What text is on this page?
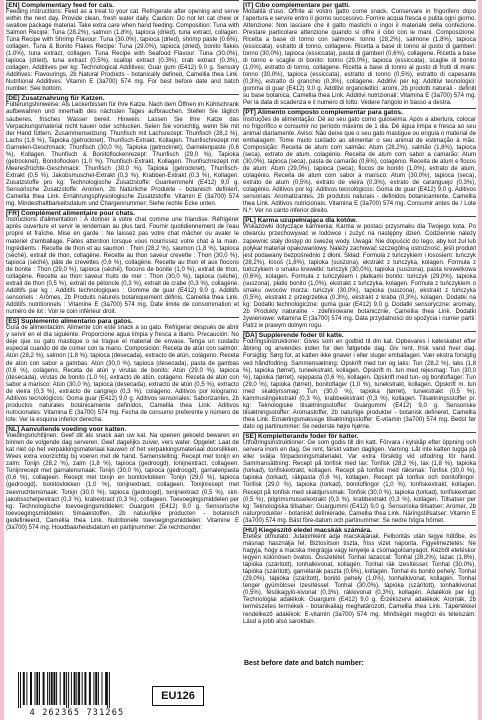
[EN] Complementary feed for cats.
Feeding instructions: Feed as a treat to your cat. Refrigerate after opening and serve within the next day. Provide clean, fresh water daily. Caution: Do not let cat chew or swallow package material. Take extra care when hand feeding. Composition: Tuna with Salmon Recipe: Tuna (28.2%), salmon (1.8%), tapioca (dried), tuna extract, collagen. Tuna Recipe with Shrimp Flavour: Tuna (30.0%), tapioca (dried), shrimp paste (0.6%), collagen. Tuna & Bonito Flakes Recipe: Tuna (29.0%), tapioca (dried), bonito flakes (1.0%), tuna extract, collagen. Tuna Recipe with Seafood Flavour: Tuna (30.0%), tapioca (dried), tuna extract (0.5%), scallop extract (0.3%), crab extract (0.3%), collagen. Additives per kg: Technological Additives: Guar gum (E412) 9.0 g. Sensory Additives: Flavourings, 2b Natural Products - botanically defined, Camellia thea Link. Nutritional Additives: Vitamin E (3a700) 574 mg. For best before date and batch number: See bottom.
[DE] Zusatznahrung für Katzen.
Fütterungshinweise: Als Leckerbissen für Ihre Katze. Nach dem Öffnen im Kühlschrank aufbewahren und innerhalb des nächsten Tages aufbrauchen. Stellen Sie täglich sauberes, frisches Wasser bereit. Hinweis: Lassen Sie Ihre Katze das Verpackungsmaterial nicht kauen oder schlucken. Seien Sie vorsichtig, wenn Sie mit der Hand füttern. Zusammensetzung: Thunfisch mit Lachsrezept: Thunfisch (28,2 %), Lachs (1,8 %), Tapioka (getrocknet), Thunfisch-Extrakt, Kollagen. Thunfischrezept mit Garnelen-Geschmack: Thunfisch (30,0 %), Tapioka (getrocknet), Garnelenpaste (0,6 %), Kollagen. Thunfisch & Bonitoflockenrezept: Thunfisch (29,0 %), Tapioka (getrocknet), Bonitoflocken (1,0 %), Thunfisch-Extrakt, Kollagen. Thunfischrezept mit Meeresfrüchte-Geschmack: Thunfisch (30,0 %), Tapioka (getrocknet), Thunfisch-Extrakt (0,5 %), Jakobsmuschel-Extrakt (0,3 %), Krabben-Extrakt (0,3 %), Kollagen. Zusatzstoffe pro kg: Technologische Zusatzstoffe: Guarkernmehl (E412) 9,0 g. Sensorische Zusatzstoffe: Aromen, 2b Natürliche Produkte - botanisch definiert, Camellia thea Link. Ernährungsphysiologische Zusatzstoffe: Vitamin E (3a700) 574 mg. Mindesthaltbarkeitsdatum und Chargennummer: Siehe rechte Ecke unten.
[FR] Complément alimentaire pour chats.
Instructions d'alimentation : À donner à votre chat comme une friandise. Réfrigérer après ouverture et servir le lendemain au plus tard. Fournir quotidiennement de l'eau propre et fraîche. Mise en garde : Ne laissez pas votre chat mâcher ou avaler le matériel d'emballage. Faites attention lorsque vous nourrissez votre chat à la main. Ingrédients : Recette de thon et au saumon : Thon (28,2 %), saumon (1,8 %), tapioca (séché), extrait de thon, collagène. Recette au thon saveur crevette : Thon (30,0 %), tapioca (séché), pâte de crevettes (0,6 %), collagène. Recette au thon et aux flocons de bonite : Thon (29,0 %), tapioca (séché), flocons de bonite (1,0 %), extrait de thon, collagène. Recette au thon saveur fruits de mer : Thon (30,0 %), tapioca (séché), extrait de thon (0,5 %), extrait de pétoncle (0,3 %), extrait de crabe (0,3 %), collagène. Additifs par kg : Additifs technologiques : Gomme de guar (E412) 9,0 g. Additifs sensoriels : Arômes, 2b Produits naturels botaniquement définis, Camellia thea Link. Additifs nutritionnels : Vitamine E (3a700) 574 mg. Date limite de consommation et numéro de lot : Voir le coin inférieur droit.
[ES] Suplemento alimentario para gatos.
Guía de alimentación: Alimente con este snack a su gato. Refrigerar después de abrir y servir en el día siguiente. Proporcione agua limpia y fresca a diario. Precaución: No deje que su gato mastique o se trague el material de envase. Tenga un cuidado especial cuando dé de comer con la mano. Composición: Receta de atún con salmón: Atún (28,2 %), salmón (1,8 %), tapioca (desecada), extracto de atún, colágeno. Receta de atún con sabor a gambas: Atún (30,0 %), tapioca (desecada), pasta de gambas (0,6 %), colágeno. Receta de atún y virutas de bonito: Atún (29,0 %), tapioca (desecada), virutas de bonito (1,0 %), extracto de atún, colágeno. Receta de atún con sabor a marisco: Atún (30,0 %), tapioca (desecada), extracto de atún (0,5 %), extracto de vieira (0,3 %), extracto de cangrejo (0,3 %), colágeno. Aditivos por kilogramo: Aditivos tecnológicos: Goma guar (E412) 9,0 g. Aditivos sensoriales: Saborizantes, 2b productos naturales botánicamente definidos, Camellia thea Link. Aditivos nutricionales: Vitamina E (3a700) 574 mg. Fecha de consumo preferente y número de lote: Ver la esquina inferior derecha.
[NL] Aanvullende voeding voor katten.
Voedingsrichtlijnen: Geef dit als snack aan uw kat. Na openen gekoeld bewaren en binnen de volgende dag serveren. Geef dagelijks zuiver, vers water. Opgelet: Laat de kat niet op het verpakkingsmateriaal kauwen of het verpakkingsmateriaal doorslikken. Wees extra voorzichtig bij voeren met de hand. Samenstelling: Recept met tonijn en zalm: Tonijn (28,2 %), zalm (1,8 %), tapioca (gedroogd), tonijnextract, collageen. Tonijnrecept met garnalensmaak: Tonijn (30,0 %), tapioca (gedroogd), garnalenpasta (0,6 %), collageen. Recept met tonijn en bonitovlokken: Tonijn (29,0 %), tapioca (gedroogd), bonitovlokken (1,0 %), tonijnextract, collageen. Tonijnrecept met zeevruchtensmaak: Tonijn (30,0 %), tapioca (gedroogd), tonijnextract (0,5 %), sint-jakobsschelpextract (0,3 %), krabextract (0,3 %), collageen. Toevoegingsmiddelen per kg: Technologische toevoegingsmiddelen: Guargom (E412) 9,0 g. Sensorische toevoegingsmiddelen: Smaakstoffen, 2b natuurlijke producten - botanisch gedefinieerd, Camellia thea Link. Nutritionele toevoegingsmiddelen: Vitamine E (3a700) 574 mg. Houdbaarheidsdatum en partijnummer: Zie rechtsonder.
[IT] Cibo complementare per gatti.
Modalità d'uso: Offrite al vostro gatto come snack. Conservare in frigorifero dopo l'apertura e servire entro il giorno successivo. Fornire acqua fresca e pulita ogni giorno. Attenzione: Non lasciare che il gatto mastichi o ingoi il materiale della confezione. Prestare particolare attenzione quando si offre il cibo con le mani. Composizione: Ricetta a base di tonno con salmone: tonno (28,2%), salmone (1,8%), tapioca (essiccata), estratto di tonno, collagene. Ricetta a base di tonno al gusto di gamberi: tonno (30,0%), tapioca (essiccata), pasta di gamberi (0,6%), collagene. Ricetta a base di tonno e scaglie di bonito: tonno (29,0%), tapioca (essiccata), scaglie di bonito (1,0%), estratto di tonno, collagene. Ricetta a base di tonno al gusto di frutti di mare: tonno (30,0%), tapioca (essiccata), estratto di tonno (0,5%), estratto di capesante (0,3%), estratto di granchio (0,3%), collagene. Additivi per kg: Additivi tecnologici: gomma di guar (E412) 9,0 g. Additivi organolettici: aromi, 2b prodotti naturali - definiti su base botanica, Camellia thea Link. Additivi nutrizionali: Vitamina E (3a700) 574 mg. Per la data di scadenza e il numero di lotto: Vedere l'angolo in basso a destra.
[PT] Alimento composto complementar para gatos.
Instruções de alimentação: Dê ao seu gato como guloseima. Após a abertura, colocar no frigorífico e consumir no período máximo de 1 dia. Dê água limpa e fresca ao seu animal diariamente. Aviso: Não deixe que o seu gato mastigue ou engula o material de embalagem. Tome muito cuidado ao alimentar o seu animal de estimação à mão. Composição: Receita de atum com salmão: Atum (28,2%), salmão (1,8%), tapioca (seca), extrato de atum, colagénio. Receita de atum com sabor a camarão: Atum (30,0%), tapioca (seca), pasta de camarão (0,6%), colagénio. Receita de atum e flocos de atum: Atum (29,0%), tapioca (seca), flocos de bonito (1,0%), extrato de atum, colagénio. Receita de atum com sabor a marisco: Atum (30,0%), tapioca (seca), extrato de atum (0,5%), extrato de vieira (0,3%), extrato de caranguejo (0,3%), colagénio. Aditivos por kg: Aditivos tecnológicos: Goma de guar (E412) 9,0 g. Aditivos sensoriais: Aromatizantes, 2b produtos naturais - definidos botanicamente, Camellia thea Link. Aditivos nutricionais: Vitamina E (3a700) 574 mg. Consumir antes de / Lote N.º: Ver no canto inferior direito.
[PL] Karma uzupełniająca dla kotów.
Wskazówki dotyczące karmienia: Karma w postaci przysmaku dla Twojego kota. Po otwarciu przechowywać w lodówce i zużyć na następny dzień. Codziennie należy zapewnić stały dostęp do świeżej wody. Uwaga: Nie dopuścić do tego, aby kot żuł lub połykał materiał opakowaniowy. Należy zachować szczególną ostrożność, jeśli produkt jest podawany bezpośrednio z dłoni. Skład: Formuła z tuńczykiem i łososiem: tuńczyk (28,2%), łosoś (1,8%), tapioka (suszona), ekstrakt z tuńczyka, kolagen. Formuła z tuńczykiem o smaku krewetki: tuńczyk (30,0%), tapioka (suszona), pasta krewetkowa (0,6%), kolagen. Formuła z tuńczykiem i płatkami bonito: tuńczyk (29,0%), tapioka (suszona), płatki bonito (1,0%), ekstrakt z tuńczyka, kolagen. Formuła z tuńczykiem o smaku owoców morza: tuńczyk (30,0%), tapioka (suszona), ekstrakt z tuńczyka (0,5%), ekstrakt z przegrzebka (0,3%), ekstrakt z kraba (0,3%), kolagen. Dodatki na kg: Dodatki technologiczne: guma guar (E412) 9,0 g. Dodatki sensoryczne: aromaty, 2b Produkty naturalne - zdefiniowane botanicznie, Camellia thea Link. Dodatki żywieniowe: witamina E (3a700) 574 mg. Data przydatności do spożycia i numer partii: Patrz w prawym dolnym rogu.
[DA] Supplerende foder til katte.
Fodringsinstruktioner: Gives som en godbid til din kat. Opbevares i køleskabet efter åbning og anvendes inden for den følgende dag. Giv rent, frisk vand hver dag. Forsigtig: Sørg for, at katten ikke gnaver i eller sluger emballagen. Vær ekstra forsigtig ved håndfodring. Sammensætning: Opskrift med tun og laks: Tun (28,2 %), laks (1,8 %), tapioka (tørret), tuneekstrakt, kollagen. Opskrift m. tun med rejesmag: Tun (30,0 %), tapioka (tørret), rejepasta (0,6 %), kollagen. Opskrift med tun- og bonitoflager: Tun (29,0 %), tapioka (tørret), bonitoflager (1,0 %), tunekstrakt, kollagen. Opskrift m. tun med skaldyrssmag: Tun (30,0 %), tapioka (tørret), tunekstrakt (0,5 %), kammuslingekstrakt (0,3 %), krabbeekstrakt (0,3 %), kollagen. Tilsætningsstoffer pr. kg: Teknologiske tilsætningsstoffer: Guargummi (E412) 9,0 g. Sensoriske tilsætningsstoffer: Aromastoffer, 2b naturlige produkter - botanisk defineret, Camellia thea Link. Ernæringsmæssige tilsætningsstoffer: E-vitamin (3a700) 574 mg. Bedst før dato og partinummer: Se nederste højre hjørne.
[SE] Kompletterande foder för katter.
Utfodringsinstruktioner: Ge som godis till din katt. Förvara i kylskåp efter öppning och servera inom en dag. Ge rent, färskt vatten dagligen. Varning: Låt inte katten tugga på eller svälja förpackningsmaterialet. Var extra försiktig vid utfodring för hand. Sammansättning: Recept på tonfisk med lax: Tonfisk (28,2 %), lax (1,8 %), tapioka (torkad), tonfiskextrakt, kollagen. Recept på tonfisk med räksmak: Tonfisk (30,0 %), tapioka (torkad), räkpasta (0,6 %), kollagen. Recept på tonfisk och bonitoflingor: Tonfisk (29,0 %), tapioka (torkad), bonitoflingor (1,0 %), tonfiskextrakt, kollagen. Recept på tonfisk med skaldjurssmak: Tonfisk (30,0 %), tapioka (torkad), tonfiskextrakt (0,5 %), pilgrimsmusselextrakt (0,3 %), krabbextrakt (0,3 %), kollagen. Tillsatser per kg: Teknologiska tillsatser: Guargummi (E412) 9,0 g. Sensoriska tillsatser: Aromer, 2b naturprodukter - botaniskt definierade, Camellia thea Link. Näringstillsatser: Vitamin E (3a700) 574 mg. Bäst före-datum och partinummer: Se nedre högra hörnet.
[HU] Kiegészítő eledel macskák számára.
Etetési útmutató: Jutalomként adja macskájának. Felbontás után tegye hűtőbe, és másnap használja fel. Biztosítson tiszta, friss vizet naponta. Figyelmeztetés: Ne hagyja, hogy a macska megrágja vagy lenyelje a csomagolóanyagot. Kézből etetéskor legyen különösen óvatos. Összetétel: Tonhal lazaccal: Tonhal (28,2%), lazac (1,8%), tápióka (szárított), tonhalkivonat, kollagén. Tonhal rák ízesítéssel: Tonhal (30,0%), tápióka (szárított), garnélarák paszta (0,6%), kollagén. Tonhal és bonitó pehely: Tonhal (29,0%), tápióka (szárított), bonitó pehely (1,0%), tonhalkivonat, kollagén. Tonhal tenger gyümölcsei ízesítéssel: Tonhal (30,0%), tápióka (szárított), tonhalkivonat (0,5%), fésűkagyló-kivonat (0,3%), rákkivonat (0,3%), kollagén. Adalékok per kg: Technológiai adalékok: Guargumi (E412) 9,0 g. Érzékszervi adalékok: Aromák, 2b természetes termékek - botanikailag meghatározott, Camellia thea Link. Tápértékkel rendelkező adalékok: E-vitamin (3a700) 574 mg. Minőségét megőrzi és tételszám: Lásd a jobb alsó sarokban.
Best before date and batch number:
4 262365 731265
EU126
